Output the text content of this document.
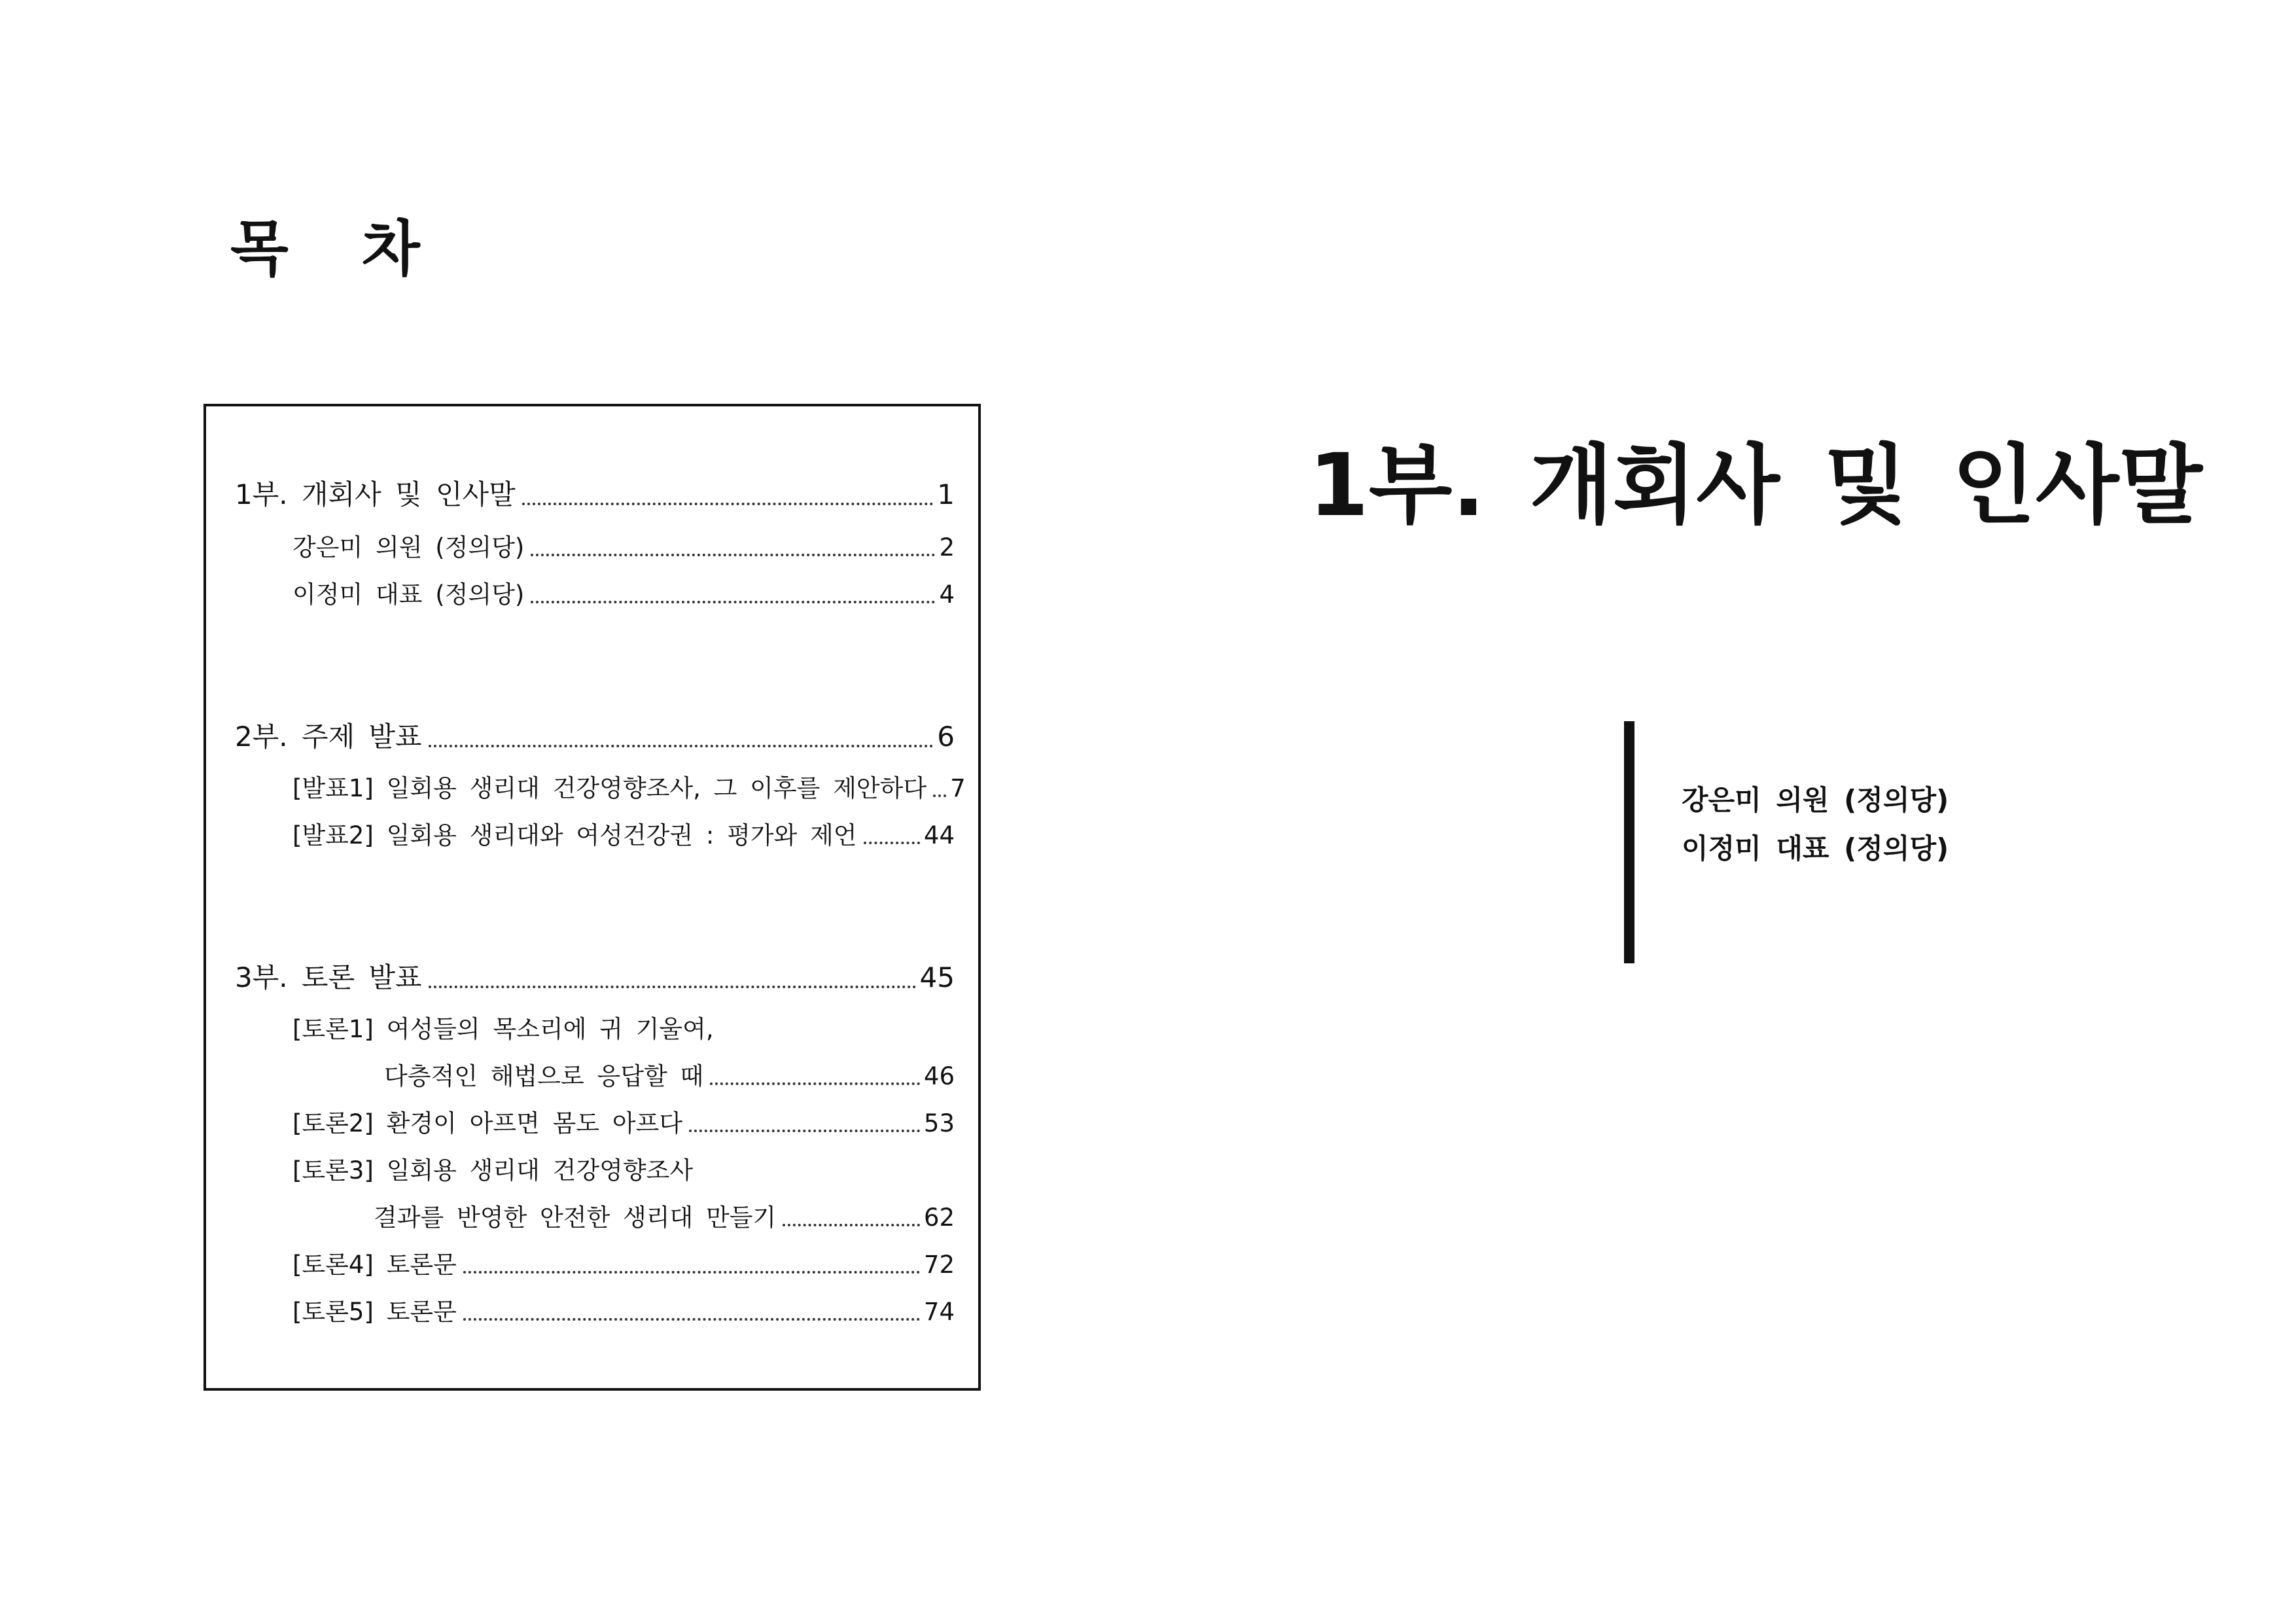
목 차
1부. 개회사 및 인사말	1
강은미 의원 (정의당)	2
이정미 대표 (정의당)	4
2부. 주제 발표	6
[발표1] 일회용 생리대 건강영향조사, 그 이후를 제안하다 7
[발표2] 일회용 생리대와 여성건강권 : 평가와 제언	44
3부. 토론 발표	45
[토론1] 여성들의 목소리에 귀 기울여,
다층적인 해법으로 응답할 때	46
[토론2] 환경이 아프면 몸도 아프다	53
[토론3] 일회용 생리대 건강영향조사
결과를 반영한 안전한 생리대 만들기	62
[토론4] 토론문	72
[토론5] 토론문	74
1부. 개회사 및 인사말

강은미 의원 (정의당)

이정미 대표 (정의당)
